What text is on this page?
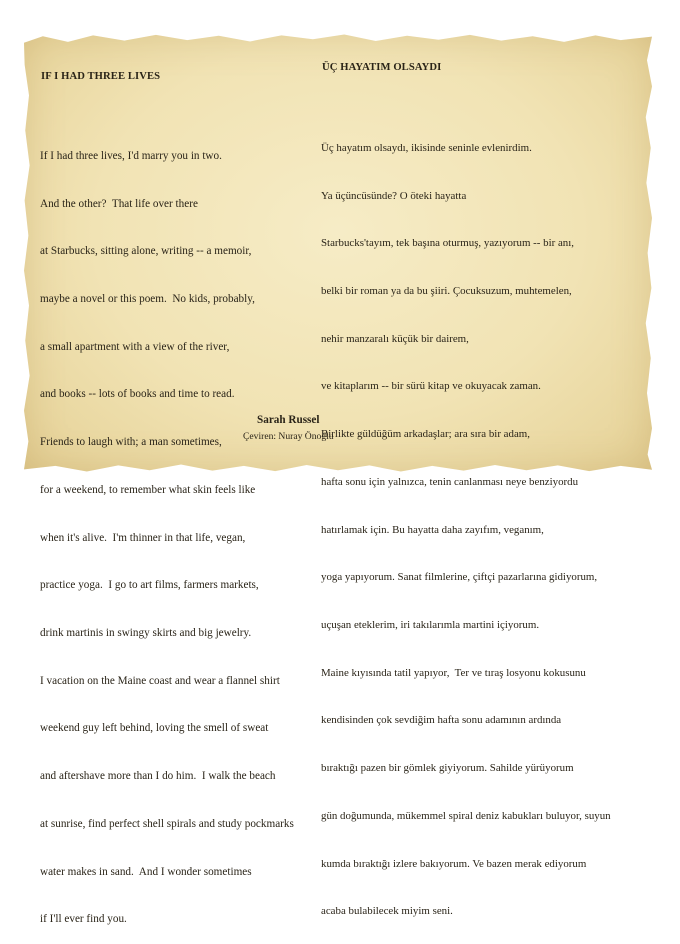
IF I HAD THREE LIVES

If I had three lives, I'd marry you in two.

And the other?  That life over there

at Starbucks, sitting alone, writing -- a memoir,

maybe a novel or this poem.  No kids, probably,

a small apartment with a view of the river,

and books -- lots of books and time to read.

Friends to laugh with; a man sometimes,

for a weekend, to remember what skin feels like

when it's alive.  I'm thinner in that life, vegan,

practice yoga.  I go to art films, farmers markets,

drink martinis in swingy skirts and big jewelry.

I vacation on the Maine coast and wear a flannel shirt

weekend guy left behind, loving the smell of sweat

and aftershave more than I do him.  I walk the beach

at sunrise, find perfect shell spirals and study pockmarks

water makes in sand.  And I wonder sometimes

if I'll ever find you.

ÜÇ HAYATIM OLSAYDI

Üç hayatım olsaydı, ikisinde seninle evlenirdim.

Ya üçüncüsünde? O öteki hayatta

Starbucks'tayım, tek başına oturmuş, yazıyorum -- bir anı,

belki bir roman ya da bu şiiri. Çocuksuzum, muhtemelen,

nehir manzaralı küçük bir dairem,

ve kitaplarım -- bir sürü kitap ve okuyacak zaman.

Birlikte güldüğüm arkadaşlar; ara sıra bir adam,

hafta sonu için yalnızca, tenin canlanması neye benziyordu

hatırlamak için. Bu hayatta daha zayıfım, veganım,

yoga yapıyorum. Sanat filmlerine, çiftçi pazarlarına gidiyorum,

uçuşan eteklerim, iri takılarımla martini içiyorum.

Maine kıyısında tatil yapıyor,  Ter ve tıraş losyonu kokusunu

kendisinden çok sevdiğim hafta sonu adamının ardında

bıraktığı pazen bir gömlek giyiyorum. Sahilde yürüyorum

gün doğumunda, mükemmel spiral deniz kabukları buluyor, suyun

kumda bıraktığı izlere bakıyorum. Ve bazen merak ediyorum

acaba bulabilecek miyim seni.

Sarah Russel
Çeviren: Nuray Önoğlu
